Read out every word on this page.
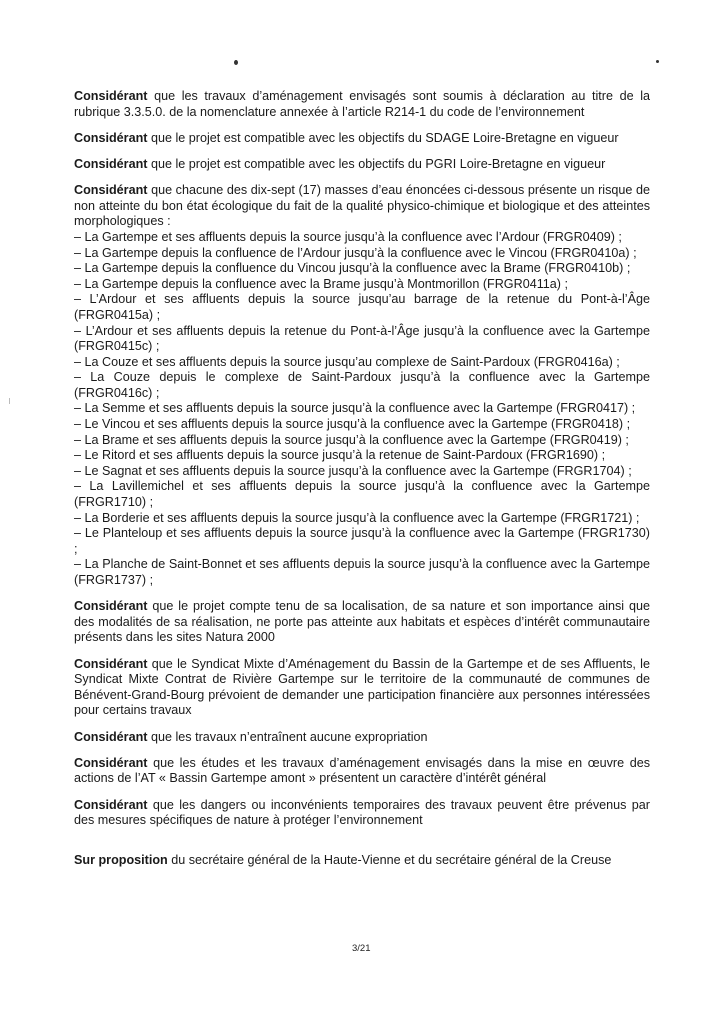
Considérant que les travaux d’aménagement envisagés sont soumis à déclaration au titre de la rubrique 3.3.5.0. de la nomenclature annexée à l’article R214-1 du code de l’environnement

Considérant que le projet est compatible avec les objectifs du SDAGE Loire-Bretagne en vigueur

Considérant que le projet est compatible avec les objectifs du PGRI Loire-Bretagne en vigueur

Considérant que chacune des dix-sept (17) masses d’eau énoncées ci-dessous présente un risque de non atteinte du bon état écologique du fait de la qualité physico-chimique et biologique et des atteintes morphologiques :
– La Gartempe et ses affluents depuis la source jusqu’à la confluence avec l’Ardour (FRGR0409) ;
– La Gartempe depuis la confluence de l’Ardour jusqu’à la confluence avec le Vincou (FRGR0410a) ;
– La Gartempe depuis la confluence du Vincou jusqu’à la confluence avec la Brame (FRGR0410b) ;
– La Gartempe depuis la confluence avec la Brame jusqu’à Montmorillon (FRGR0411a) ;
– L’Ardour et ses affluents depuis la source jusqu’au barrage de la retenue du Pont-à-l’Âge (FRGR0415a) ;
– L’Ardour et ses affluents depuis la retenue du Pont-à-l’Âge jusqu’à la confluence avec la Gartempe (FRGR0415c) ;
– La Couze et ses affluents depuis la source jusqu’au complexe de Saint-Pardoux (FRGR0416a) ;
– La Couze depuis le complexe de Saint-Pardoux jusqu’à la confluence avec la Gartempe (FRGR0416c) ;
– La Semme et ses affluents depuis la source jusqu’à la confluence avec la Gartempe (FRGR0417) ;
– Le Vincou et ses affluents depuis la source jusqu’à la confluence avec la Gartempe (FRGR0418) ;
– La Brame et ses affluents depuis la source jusqu’à la confluence avec la Gartempe (FRGR0419) ;
– Le Ritord et ses affluents depuis la source jusqu’à la retenue de Saint-Pardoux (FRGR1690) ;
– Le Sagnat et ses affluents depuis la source jusqu’à la confluence avec la Gartempe (FRGR1704) ;
– La Lavillemichel et ses affluents depuis la source jusqu’à la confluence avec la Gartempe (FRGR1710) ;
– La Borderie et ses affluents depuis la source jusqu’à la confluence avec la Gartempe (FRGR1721) ;
– Le Planteloup et ses affluents depuis la source jusqu’à la confluence avec la Gartempe (FRGR1730) ;
– La Planche de Saint-Bonnet et ses affluents depuis la source jusqu’à la confluence avec la Gartempe (FRGR1737) ;

Considérant que le projet compte tenu de sa localisation, de sa nature et son importance ainsi que des modalités de sa réalisation, ne porte pas atteinte aux habitats et espèces d’intérêt communautaire présents dans les sites Natura 2000

Considérant que le Syndicat Mixte d’Aménagement du Bassin de la Gartempe et de ses Affluents, le Syndicat Mixte Contrat de Rivière Gartempe sur le territoire de la communauté de communes de Bénévent-Grand-Bourg prévoient de demander une participation financière aux personnes intéressées pour certains travaux

Considérant que les travaux n’entraînent aucune expropriation

Considérant que les études et les travaux d’aménagement envisagés dans la mise en œuvre des actions de l’AT « Bassin Gartempe amont » présentent un caractère d’intérêt général

Considérant que les dangers ou inconvénients temporaires des travaux peuvent être prévenus par des mesures spécifiques de nature à protéger l’environnement

Sur proposition du secrétaire général de la Haute-Vienne et du secrétaire général de la Creuse

3/21
